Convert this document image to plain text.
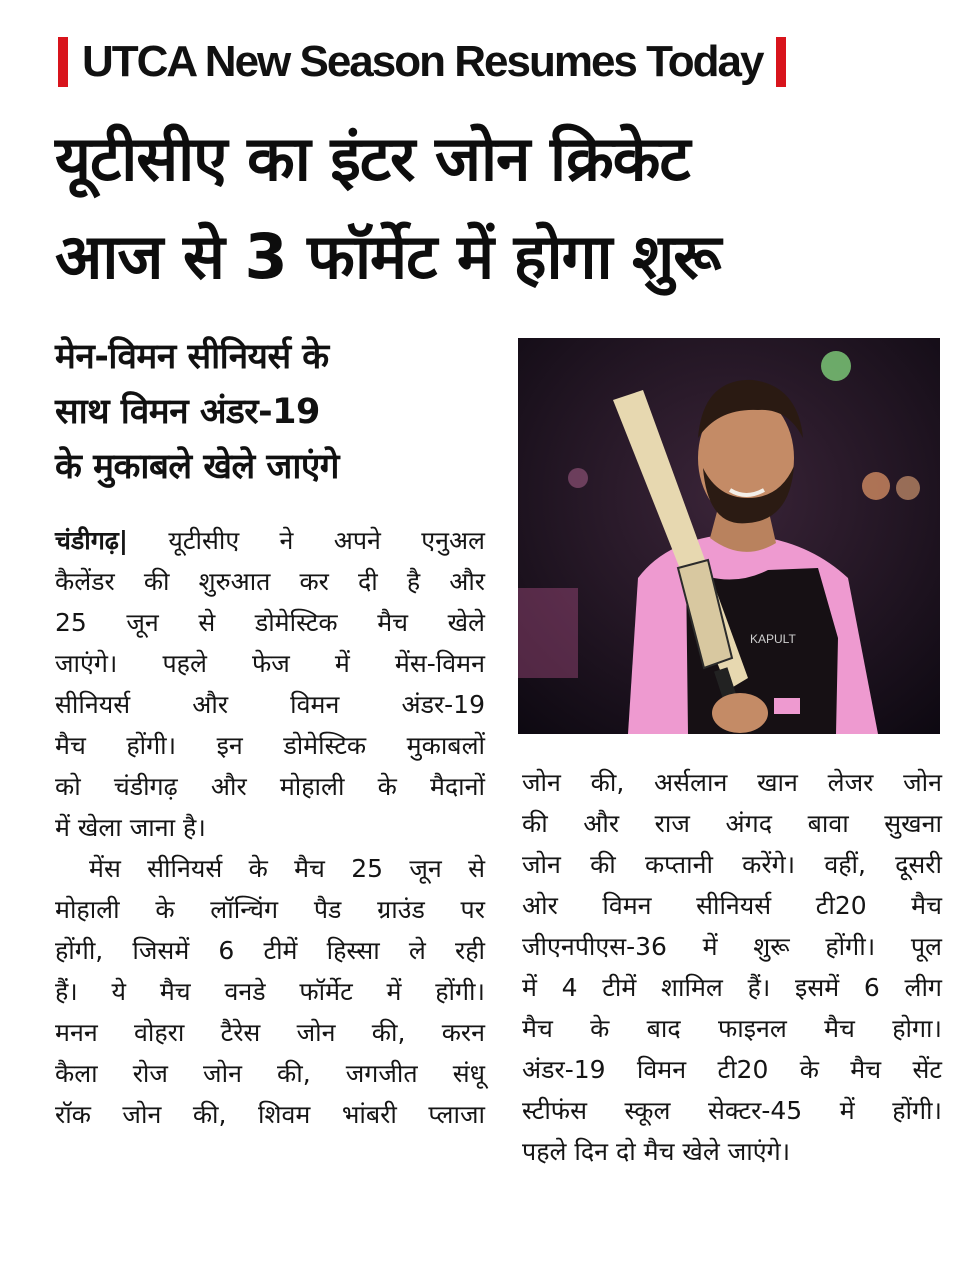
UTCA New Season Resumes Today
यूटीसीए का इंटर जोन क्रिकेट
आज से 3 फॉर्मेट में होगा शुरू
मेन-विमन सीनियर्स के
साथ विमन अंडर-19
के मुकाबले खेले जाएंगे
KAPULT
चंडीगढ़| यूटीसीए ने अपने एनुअल
कैलेंडर की शुरुआत कर दी है और
25 जून से डोमेस्टिक मैच खेले
जाएंगे। पहले फेज में मेंस-विमन
सीनियर्स और विमन अंडर-19
मैच होंगी। इन डोमेस्टिक मुकाबलों
को चंडीगढ़ और मोहाली के मैदानों
में खेला जाना है।
मेंस सीनियर्स के मैच 25 जून से
मोहाली के लॉन्चिंग पैड ग्राउंड पर
होंगी, जिसमें 6 टीमें हिस्सा ले रही
हैं। ये मैच वनडे फॉर्मेट में होंगी।
मनन वोहरा टैरेस जोन की, करन
कैला रोज जोन की, जगजीत संधू
रॉक जोन की, शिवम भांबरी प्लाजा
जोन की, अर्सलान खान लेजर जोन
की और राज अंगद बावा सुखना
जोन की कप्तानी करेंगे। वहीं, दूसरी
ओर विमन सीनियर्स टी20 मैच
जीएनपीएस-36 में शुरू होंगी। पूल
में 4 टीमें शामिल हैं। इसमें 6 लीग
मैच के बाद फाइनल मैच होगा।
अंडर-19 विमन टी20 के मैच सेंट
स्टीफंस स्कूल सेक्टर-45 में होंगी।
पहले दिन दो मैच खेले जाएंगे।
